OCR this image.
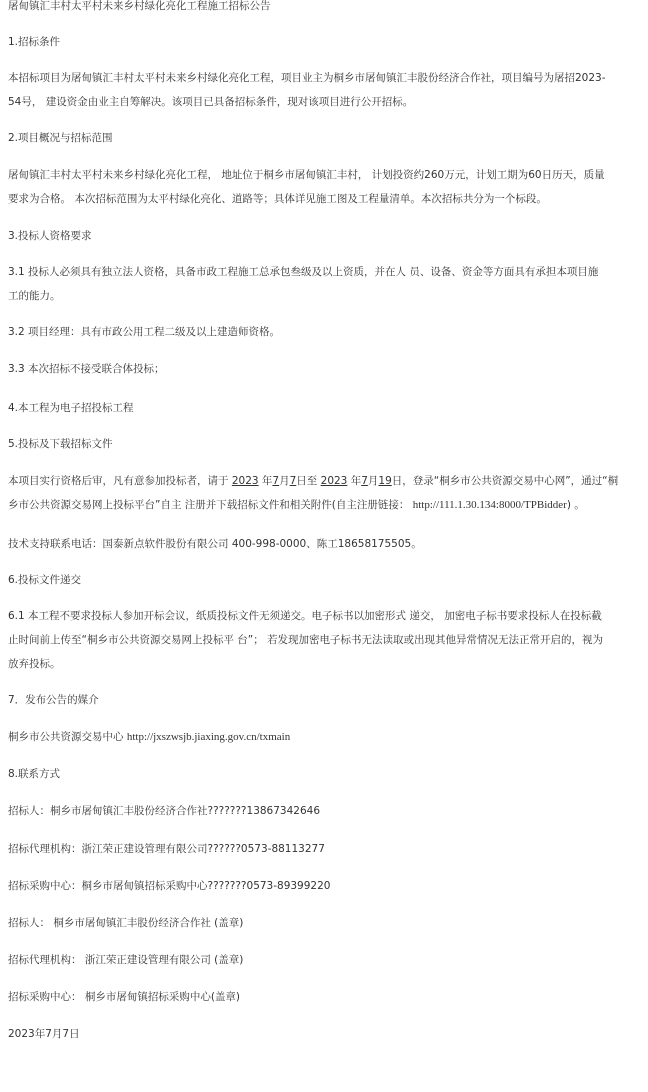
屠甸镇汇丰村太平村未来乡村绿化亮化工程施工招标公告

1.招标条件

本招标项目为屠甸镇汇丰村太平村未来乡村绿化亮化工程，项目业主为桐乡市屠甸镇汇丰股份经济合作社，项目编号为屠招2023-
54号， 建设资金由业主自筹解决。该项目已具备招标条件，现对该项目进行公开招标。

2.项目概况与招标范围

屠甸镇汇丰村太平村未来乡村绿化亮化工程， 地址位于桐乡市屠甸镇汇丰村， 计划投资约260万元，计划工期为60日历天，质量
要求为合格。 本次招标范围为太平村绿化亮化、道路等；具体详见施工图及工程量清单。本次招标共分为一个标段。

3.投标人资格要求

3.1 投标人必须具有独立法人资格，具备市政工程施工总承包叁级及以上资质，并在人 员、设备、资金等方面具有承担本项目施
工的能力。

3.2 项目经理：具有市政公用工程二级及以上建造师资格。

3.3 本次招标不接受联合体投标；

4.本工程为电子招投标工程

5.投标及下载招标文件

本项目实行资格后审，凡有意参加投标者，请于 2023 年7月7日至 2023 年7月19日，登录“桐乡市公共资源交易中心网”，通过“桐
乡市公共资源交易网上投标平台”自主 注册并下载招标文件和相关附件(自主注册链接： http://111.1.30.134:8000/TPBidder) 。

技术支持联系电话：国泰新点软件股份有限公司 400-998-0000、陈工18658175505。

6.投标文件递交

6.1 本工程不要求投标人参加开标会议，纸质投标文件无须递交。电子标书以加密形式 递交， 加密电子标书要求投标人在投标截
止时间前上传至“桐乡市公共资源交易网上投标平 台”； 若发现加密电子标书无法读取或出现其他异常情况无法正常开启的，视为
放弃投标。

7．发布公告的媒介

桐乡市公共资源交易中心 http://jxszwsjb.jiaxing.gov.cn/txmain

8.联系方式

招标人：桐乡市屠甸镇汇丰股份经济合作社???????13867342646

招标代理机构：浙江荣正建设管理有限公司??????0573-88113277

招标采购中心：桐乡市屠甸镇招标采购中心???????0573-89399220

招标人： 桐乡市屠甸镇汇丰股份经济合作社 (盖章)

招标代理机构： 浙江荣正建设管理有限公司 (盖章)

招标采购中心： 桐乡市屠甸镇招标采购中心(盖章)

2023年7月7日
